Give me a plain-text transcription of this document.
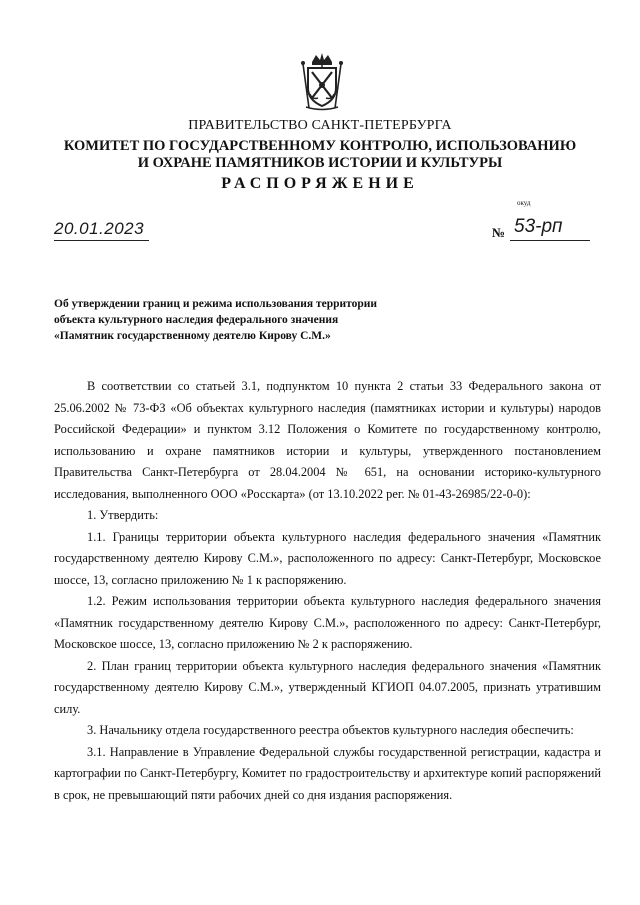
ПРАВИТЕЛЬСТВО САНКТ-ПЕТЕРБУРГА
КОМИТЕТ ПО ГОСУДАРСТВЕННОМУ КОНТРОЛЮ, ИСПОЛЬЗОВАНИЮ
И ОХРАНЕ ПАМЯТНИКОВ ИСТОРИИ И КУЛЬТУРЫ
РАСПОРЯЖЕНИЕ
окуд
20.01.2023	№ 53-рп
Об утверждении границ и режима использования территории
объекта культурного наследия федерального значения
«Памятник государственному деятелю Кирову С.М.»

В соответствии со статьей 3.1, подпунктом 10 пункта 2 статьи 33 Федерального закона от 25.06.2002 № 73-ФЗ «Об объектах культурного наследия (памятниках истории и культуры) народов Российской Федерации» и пунктом 3.12 Положения о Комитете по государственному контролю, использованию и охране памятников истории и культуры, утвержденного постановлением Правительства Санкт-Петербурга от 28.04.2004 № 651, на основании историко-культурного исследования, выполненного ООО «Росскарта» (от 13.10.2022 рег. № 01-43-26985/22-0-0):

1. Утвердить:

1.1. Границы территории объекта культурного наследия федерального значения «Памятник государственному деятелю Кирову С.М.», расположенного по адресу: Санкт-Петербург, Московское шоссе, 13, согласно приложению № 1 к распоряжению.

1.2. Режим использования территории объекта культурного наследия федерального значения «Памятник государственному деятелю Кирову С.М.», расположенного по адресу: Санкт-Петербург, Московское шоссе, 13, согласно приложению № 2 к распоряжению.

2. План границ территории объекта культурного наследия федерального значения «Памятник государственному деятелю Кирову С.М.», утвержденный КГИОП 04.07.2005, признать утратившим силу.

3. Начальнику отдела государственного реестра объектов культурного наследия обеспечить:

3.1. Направление в Управление Федеральной службы государственной регистрации, кадастра и картографии по Санкт-Петербургу, Комитет по градостроительству и архитектуре копий распоряжений в срок, не превышающий пяти рабочих дней со дня издания распоряжения.
